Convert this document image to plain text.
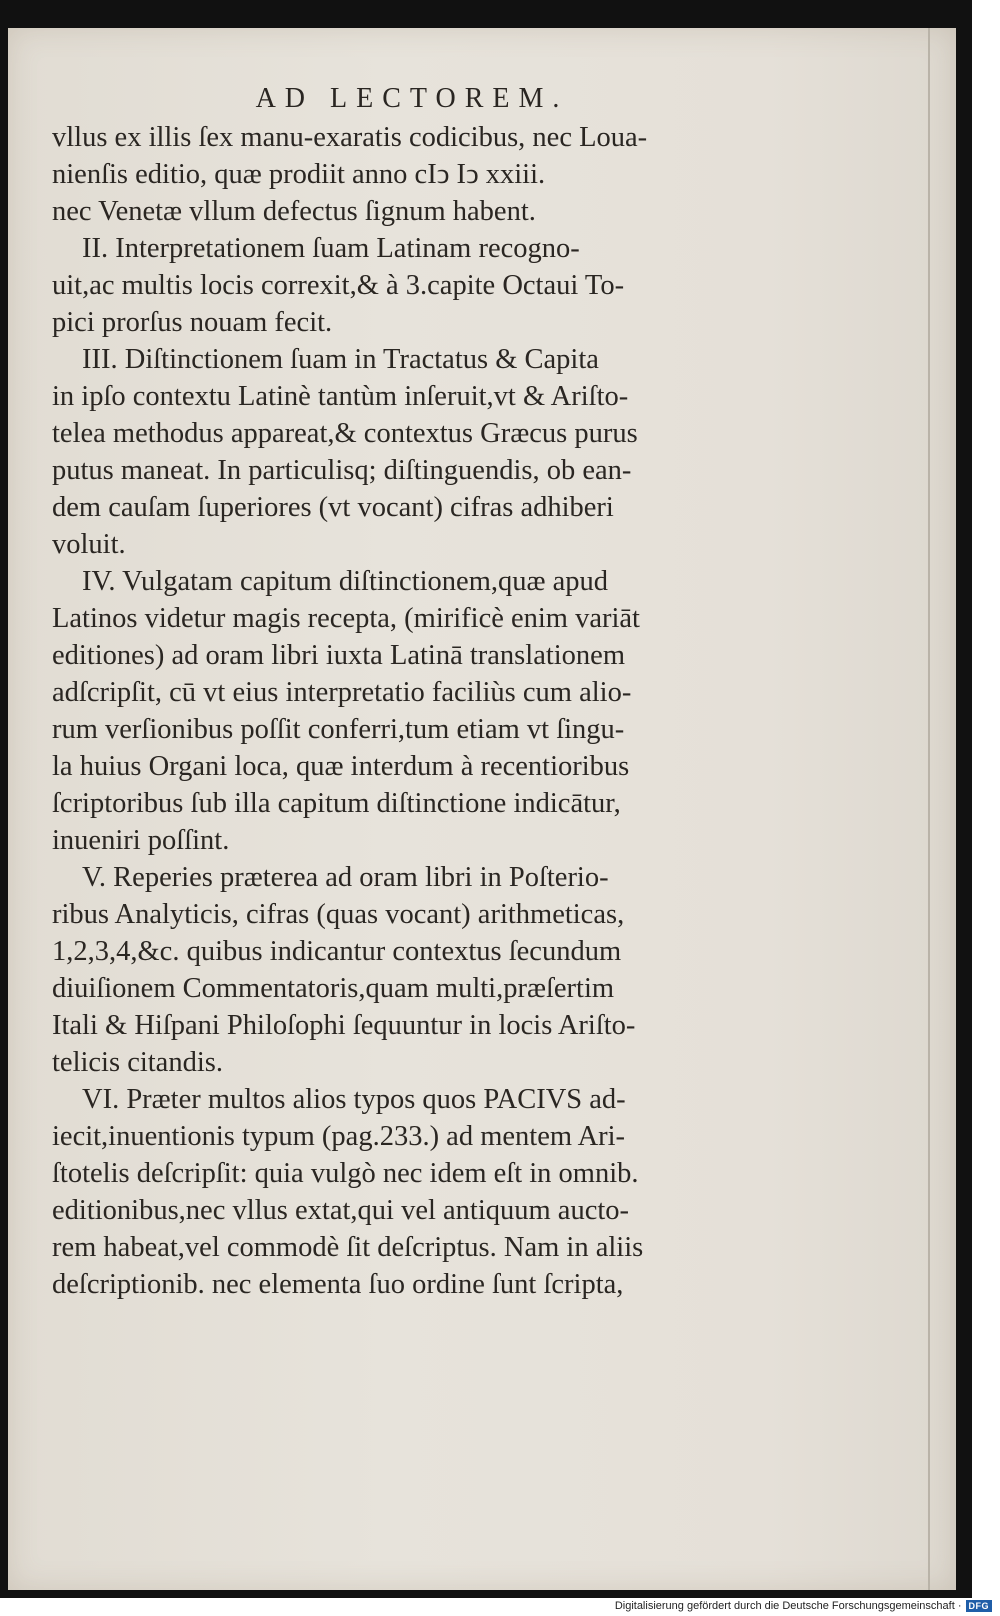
AD LECTOREM.
vllus ex illis ſex manu-exaratis codicibus, nec Loua-
nienſis editio, quæ prodiit anno cIↄ Iↄ xxiii.
nec Venetæ vllum defectus ſignum habent.
II. Interpretationem ſuam Latinam recogno-
uit,ac multis locis correxit,& à 3.capite Octaui To-
pici prorſus nouam fecit.
III. Diſtinctionem ſuam in Tractatus & Capita
in ipſo contextu Latinè tantùm inſeruit,vt & Ariſto-
telea methodus appareat,& contextus Græcus purus
putus maneat. In particulisq; diſtinguendis, ob ean-
dem cauſam ſuperiores (vt vocant) cifras adhiberi
voluit.
IV. Vulgatam capitum diſtinctionem,quæ apud
Latinos videtur magis recepta, (mirificè enim variāt
editiones) ad oram libri iuxta Latinā translationem
adſcripſit, cū vt eius interpretatio faciliùs cum alio-
rum verſionibus poſſit conferri,tum etiam vt ſingu-
la huius Organi loca, quæ interdum à recentioribus
ſcriptoribus ſub illa capitum diſtinctione indicātur,
inueniri poſſint.
V. Reperies præterea ad oram libri in Poſterio-
ribus Analyticis, cifras (quas vocant) arithmeticas,
1,2,3,4,&c. quibus indicantur contextus ſecundum
diuiſionem Commentatoris,quam multi,præſertim
Itali & Hiſpani Philoſophi ſequuntur in locis Ariſto-
telicis citandis.
VI. Præter multos alios typos quos PACIVS ad-
iecit,inuentionis typum (pag.233.) ad mentem Ari-
ſtotelis deſcripſit: quia vulgò nec idem eſt in omnib.
editionibus,nec vllus extat,qui vel antiquum aucto-
rem habeat,vel commodè ſit deſcriptus. Nam in aliis
deſcriptionib. nec elementa ſuo ordine ſunt ſcripta,
Digitalisierung gefördert durch die Deutsche Forschungsgemeinschaft · DFG
